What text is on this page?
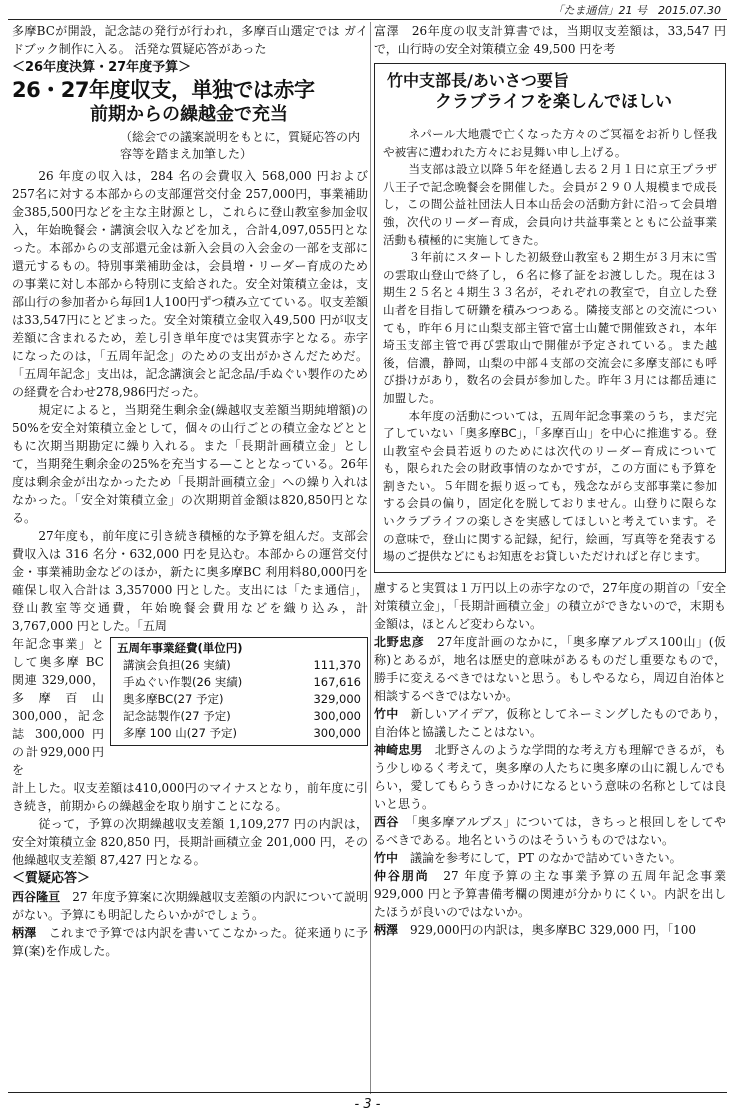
「たま通信」21 号　2015.07.30

多摩BCが開設，記念誌の発行が行われ，多摩百山選定では ガイドブック制作に入る。 活発な質疑応答があった

＜26年度決算・27年度予算＞
26・27年度収支，単独では赤字
前期からの繰越金で充当
（総会での議案説明をもとに，質疑応答の内容等を踏まえ加筆した）

26 年度の収入は，284 名の会費収入 568,000 円および257名に対する本部からの支部運営交付金 257,000円，事業補助金385,500円などを主な主財源とし，これらに登山教室参加金収入，年始晩餐会・講演会収入などを加え，合計4,097,055円となった。本部からの支部還元金は新入会員の入会金の一部を支部に還元するもの。特別事業補助金は，会員増・リーダー育成のための事業に対し本部から特別に支給された。安全対策積立金は，支部山行の参加者から毎回1人100円ずつ積み立てている。収支差額は33,547円にとどまった。安全対策積立金収入49,500 円が収支差額に含まれるため，差し引き単年度では実質赤字となる。赤字になったのは，「五周年記念」のための支出がかさんだためだ。「五周年記念」支出は，記念講演会と記念品/手ぬぐい製作のための経費を合わせ278,986円だった。

規定によると，当期発生剰余金(繰越収支差額当期純増額)の50%を安全対策積立金として，個々の山行ごとの積立金などとともに次期当期勘定に繰り入れる。また「長期計画積立金」として，当期発生剰余金の25%を充当する—こととなっている。26年度は剰余金が出なかったため「長期計画積立金」への繰り入れはなかった。「安全対策積立金」の次期期首金額は820,850円となる。

27年度も，前年度に引き続き積極的な予算を組んだ。支部会費収入は 316 名分・632,000 円を見込む。本部からの運営交付金・事業補助金などのほか，新たに奥多摩BC 利用料80,000円を確保し収入合計は 3,357000 円とした。支出には「たま通信」，登山教室等交通費，年始晩餐会費用などを織り込み，計 3,767,000 円とした。「五周

五周年事業経費(単位円)
講演会負担(26 実績)	111,370
手ぬぐい作製(26 実績)	167,616
奥多摩BC(27 予定)	329,000
記念誌製作(27 予定)	300,000
多摩 100 山(27 予定)	300,000

年記念事業」として奥多摩 BC 関連 329,000，多摩百山 300,000，記念誌 300,000 円の計929,000円を

計上した。収支差額は410,000円のマイナスとなり，前年度に引き続き，前期からの繰越金を取り崩すことになる。

従って，予算の次期繰越収支差額 1,109,277 円の内訳は，安全対策積立金 820,850 円，長期計画積立金 201,000 円，その他繰越収支差額 87,427 円となる。

＜質疑応答＞

西谷隆亘　 27 年度予算案に次期繰越収支差額の内訳について説明がない。予算にも明記したらいかがでしょう。

柄澤　 これまで予算では内訳を書いてこなかった。従来通りに予算(案)を作成した。

富澤　26年度の収支計算書では，当期収支差額は，33,547 円で，山行時の安全対策積立金 49,500 円を考

竹中支部長/あいさつ要旨
クラブライフを楽しんでほしい

ネパール大地震で亡くなった方々のご冥福をお祈りし怪我や被害に遭われた方々にお見舞い申し上げる。

当支部は設立以降５年を経過し去る２月１日に京王プラザ八王子で記念晩餐会を開催した。会員が２９０人規模まで成長し，この間公益社団法人日本山岳会の活動方針に沿って会員増強，次代のリーダー育成，会員向け共益事業とともに公益事業活動も積極的に実施してきた。

３年前にスタートした初級登山教室も２期生が３月末に雪の雲取山登山で終了し，６名に修了証をお渡しした。現在は３期生２５名と４期生３３名が，それぞれの教室で，自立した登山者を目指して研鑽を積みつつある。隣接支部との交流についても，昨年６月に山梨支部主管で富士山麓で開催致され，本年埼玉支部主管で再び雲取山で開催が予定されている。また越後，信濃，静岡，山梨の中部４支部の交流会に多摩支部にも呼び掛けがあり，数名の会員が参加した。昨年３月には都岳連に加盟した。

本年度の活動については，五周年記念事業のうち，まだ完了していない「奥多摩BC」，「多摩百山」を中心に推進する。登山教室や会員若返りのためには次代のリーダー育成についても，限られた会の財政事情のなかですが，この方面にも予算を割きたい。５年間を振り返っても，残念ながら支部事業に参加する会員の偏り，固定化を脱しておりません。山登りに限らないクラブライフの楽しさを実感してほしいと考えています。その意味で，登山に関する記録，紀行，絵画，写真等を発表する場のご提供などにもお知恵をお貸しいただければと存じます。

慮すると実質は１万円以上の赤字なので，27年度の期首の「安全対策積立金」，「長期計画積立金」の積立ができないので，末期も金額は，ほとんど変わらない。

北野忠彦　 27年度計画のなかに，「奥多摩アルプス100山」(仮称)とあるが，地名は歴史的意味があるものだし重要なもので，勝手に変えるべきではないと思う。もしやるなら，周辺自治体と相談するべきではないか。

竹中　 新しいアイデア，仮称としてネーミングしたものであり，自治体と協議したことはない。

神崎忠男　 北野さんのような学問的な考え方も理解できるが，もう少しゆるく考えて，奥多摩の人たちに奥多摩の山に親しんでもらい，愛してもらうきっかけになるという意味の名称としては良いと思う。

西谷　 「奥多摩アルプス」については，きちっと根回しをしてやるべきである。地名というのはそういうものではない。

竹中　 議論を参考にして，PT のなかで詰めていきたい。

仲谷朋尚　 27 年度予算の主な事業予算の五周年記念事業 929,000 円と予算書備考欄の関連が分かりにくい。内訳を出したほうが良いのではないか。

柄澤　 929,000円の内訳は，奥多摩BC 329,000 円，「100

- 3 -
